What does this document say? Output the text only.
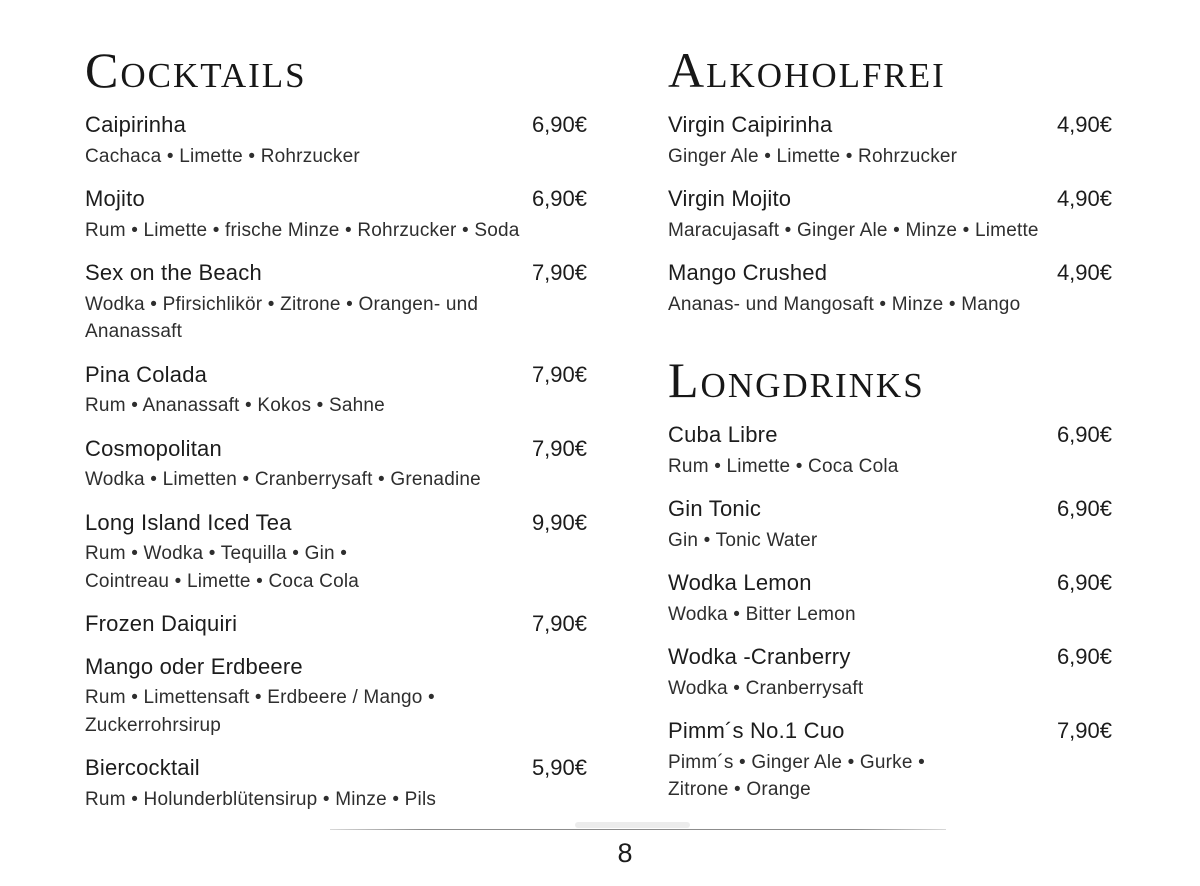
Cocktails
Caipirinha	6,90€
Cachaca • Limette • Rohrzucker
Mojito	6,90€
Rum • Limette • frische Minze • Rohrzucker • Soda
Sex on the Beach	7,90€
Wodka • Pfirsichlikör • Zitrone • Orangen- und
Ananassaft
Pina Colada	7,90€
Rum • Ananassaft • Kokos • Sahne
Cosmopolitan	7,90€
Wodka • Limetten • Cranberrysaft • Grenadine
Long Island Iced Tea	9,90€
Rum • Wodka • Tequilla • Gin •
Cointreau • Limette • Coca Cola
Frozen Daiquiri	7,90€
Mango oder Erdbeere
Rum • Limettensaft • Erdbeere / Mango •
Zuckerrohrsirup
Biercocktail	5,90€
Rum • Holunderblütensirup • Minze • Pils
Alkoholfrei
Virgin Caipirinha	4,90€
Ginger Ale • Limette • Rohrzucker
Virgin Mojito	4,90€
Maracujasaft • Ginger Ale • Minze • Limette
Mango Crushed	4,90€
Ananas- und Mangosaft • Minze • Mango
Longdrinks
Cuba Libre	6,90€
Rum • Limette • Coca Cola
Gin Tonic	6,90€
Gin • Tonic Water
Wodka Lemon	6,90€
Wodka • Bitter Lemon
Wodka -Cranberry	6,90€
Wodka • Cranberrysaft
Pimm´s No.1 Cuo	7,90€
Pimm´s • Ginger Ale • Gurke •
Zitrone • Orange
8
